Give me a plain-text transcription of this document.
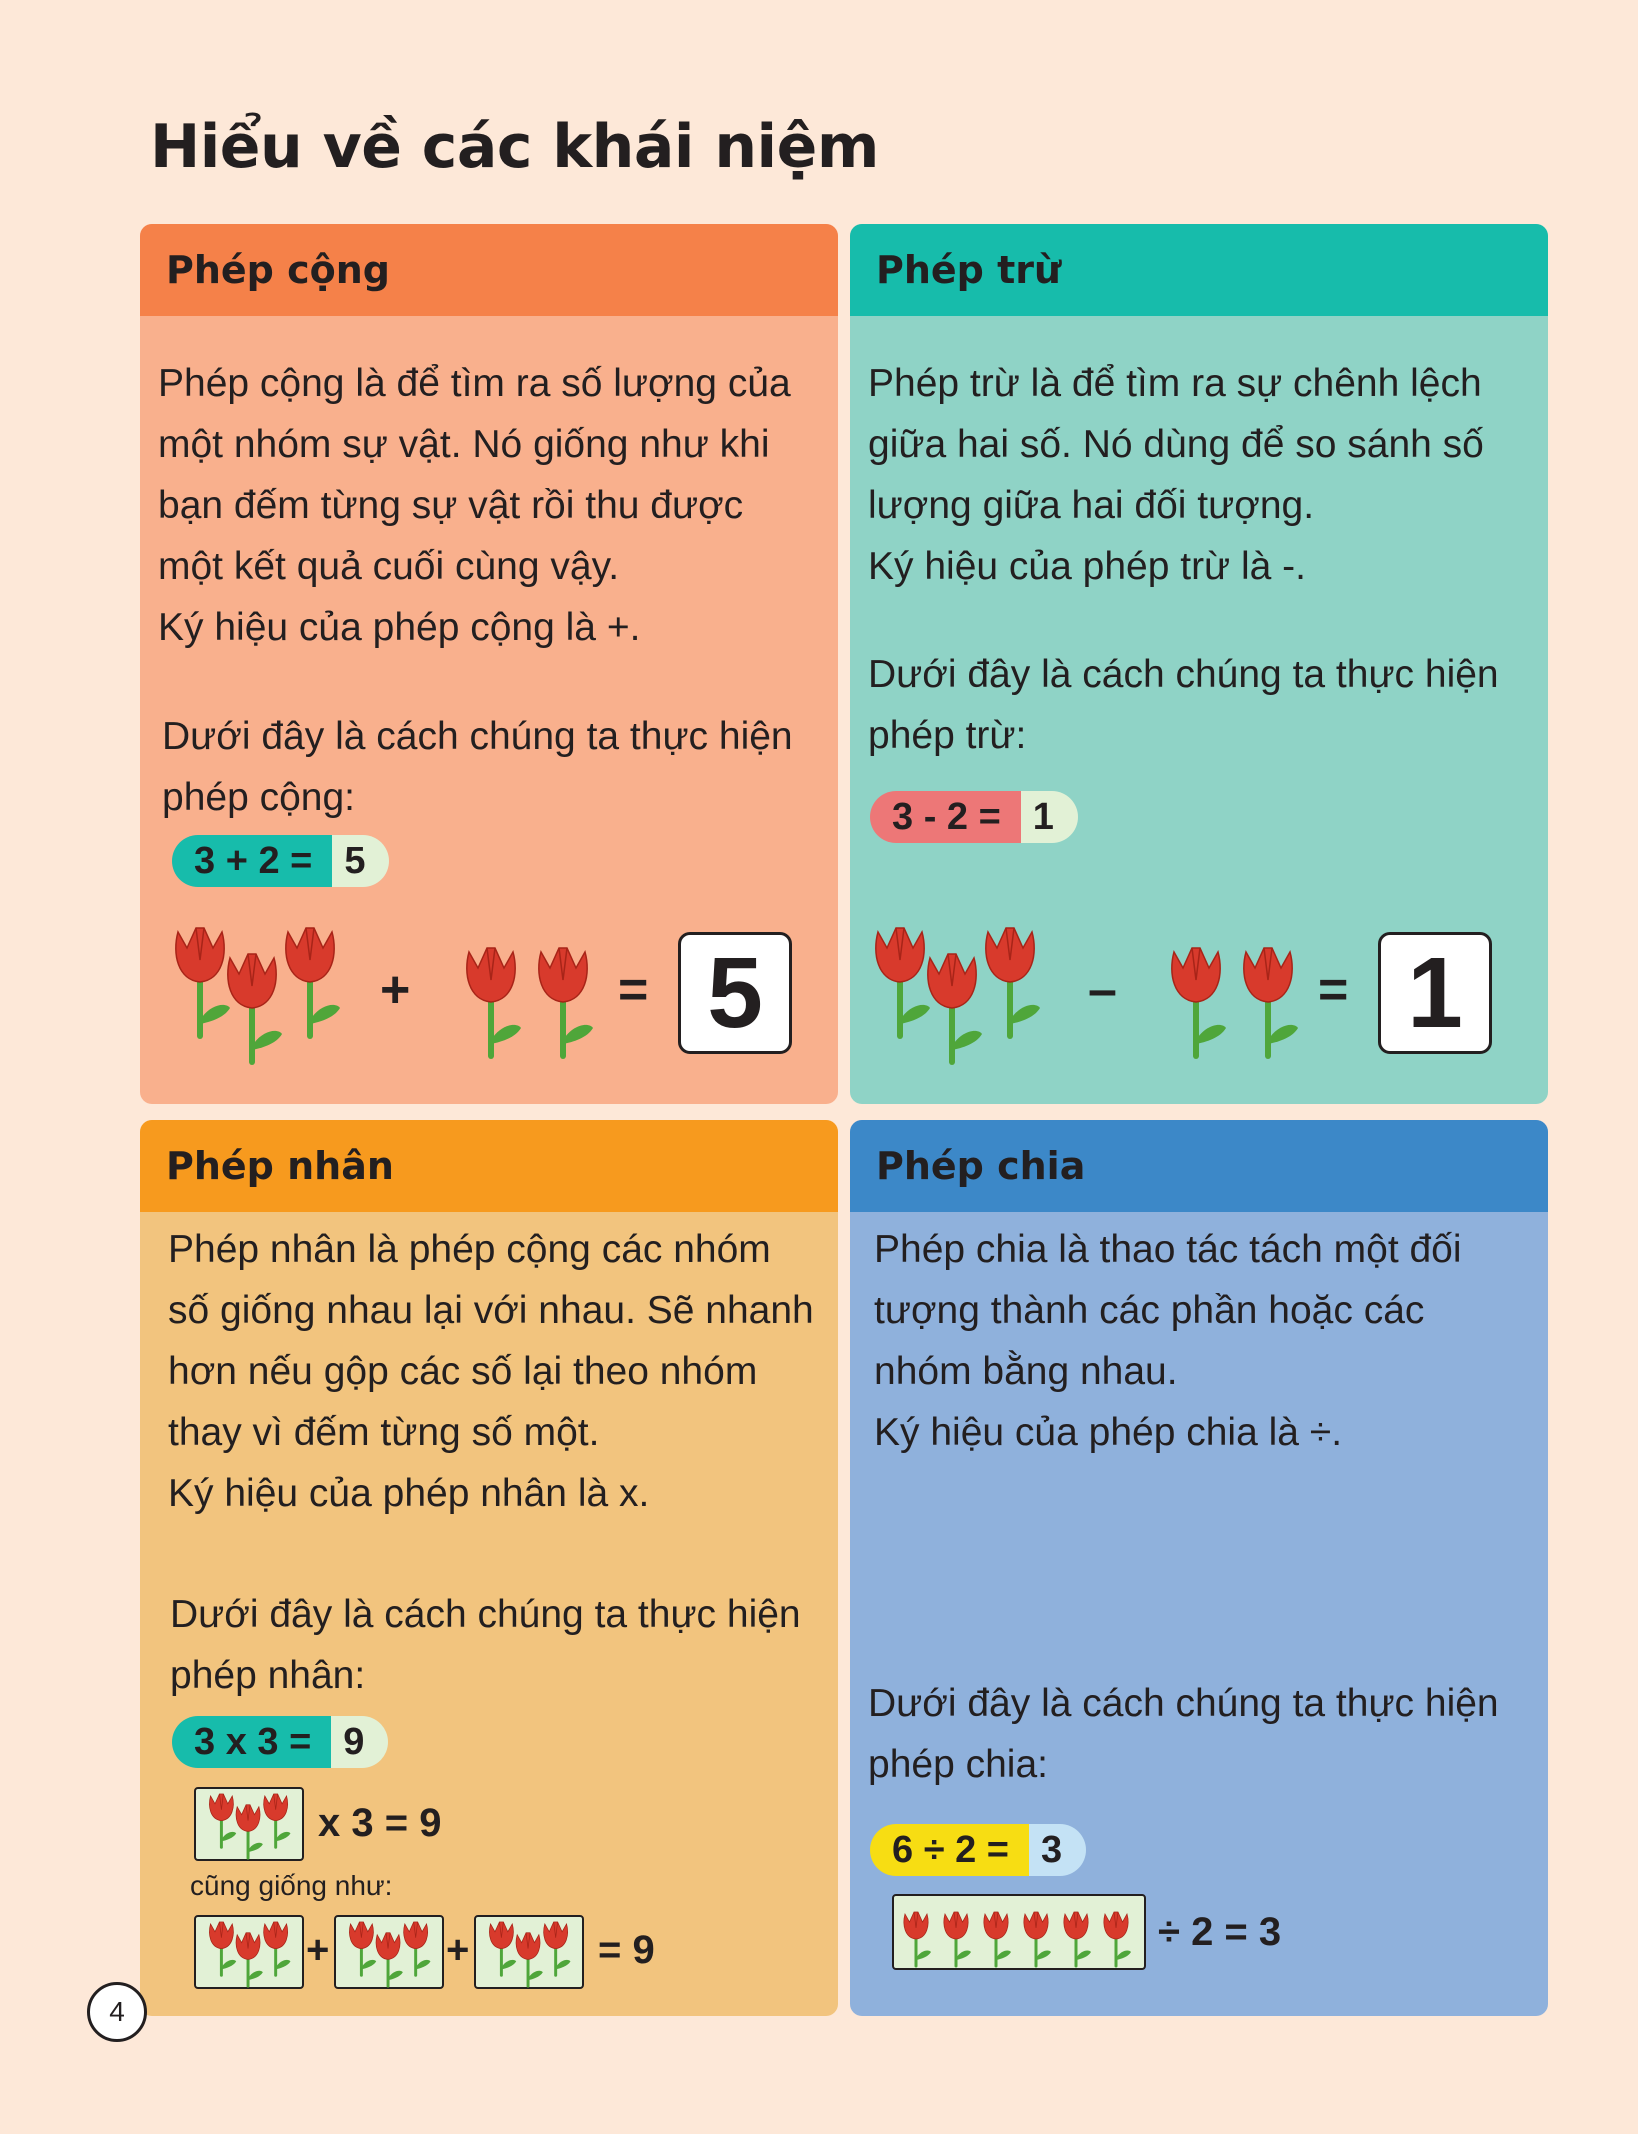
Hiểu về các khái niệm
Phép cộng

Phép cộng là để tìm ra số lượng của

một nhóm sự vật. Nó giống như khi

bạn đếm từng sự vật rồi thu được

một kết quả cuối cùng vậy.

Ký hiệu của phép cộng là +.

Dưới đây là cách chúng ta thực hiện

phép cộng:

3 + 2 = 5
+	= 5
Phép trừ

Phép trừ là để tìm ra sự chênh lệch

giữa hai số. Nó dùng để so sánh số

lượng giữa hai đối tượng.

Ký hiệu của phép trừ là -.

Dưới đây là cách chúng ta thực hiện

phép trừ:

3 - 2 = 1
–	= 1
Phép nhân

Phép nhân là phép cộng các nhóm

số giống nhau lại với nhau. Sẽ nhanh

hơn nếu gộp các số lại theo nhóm

thay vì đếm từng số một.

Ký hiệu của phép nhân là x.

Dưới đây là cách chúng ta thực hiện

phép nhân:

3 x 3 = 9
x 3 = 9
cũng giống như:
+	+	= 9
Phép chia

Phép chia là thao tác tách một đối

tượng thành các phần hoặc các

nhóm bằng nhau.

Ký hiệu của phép chia là ÷.

Dưới đây là cách chúng ta thực hiện

phép chia:

6 ÷ 2 = 3
÷ 2 = 3
4
